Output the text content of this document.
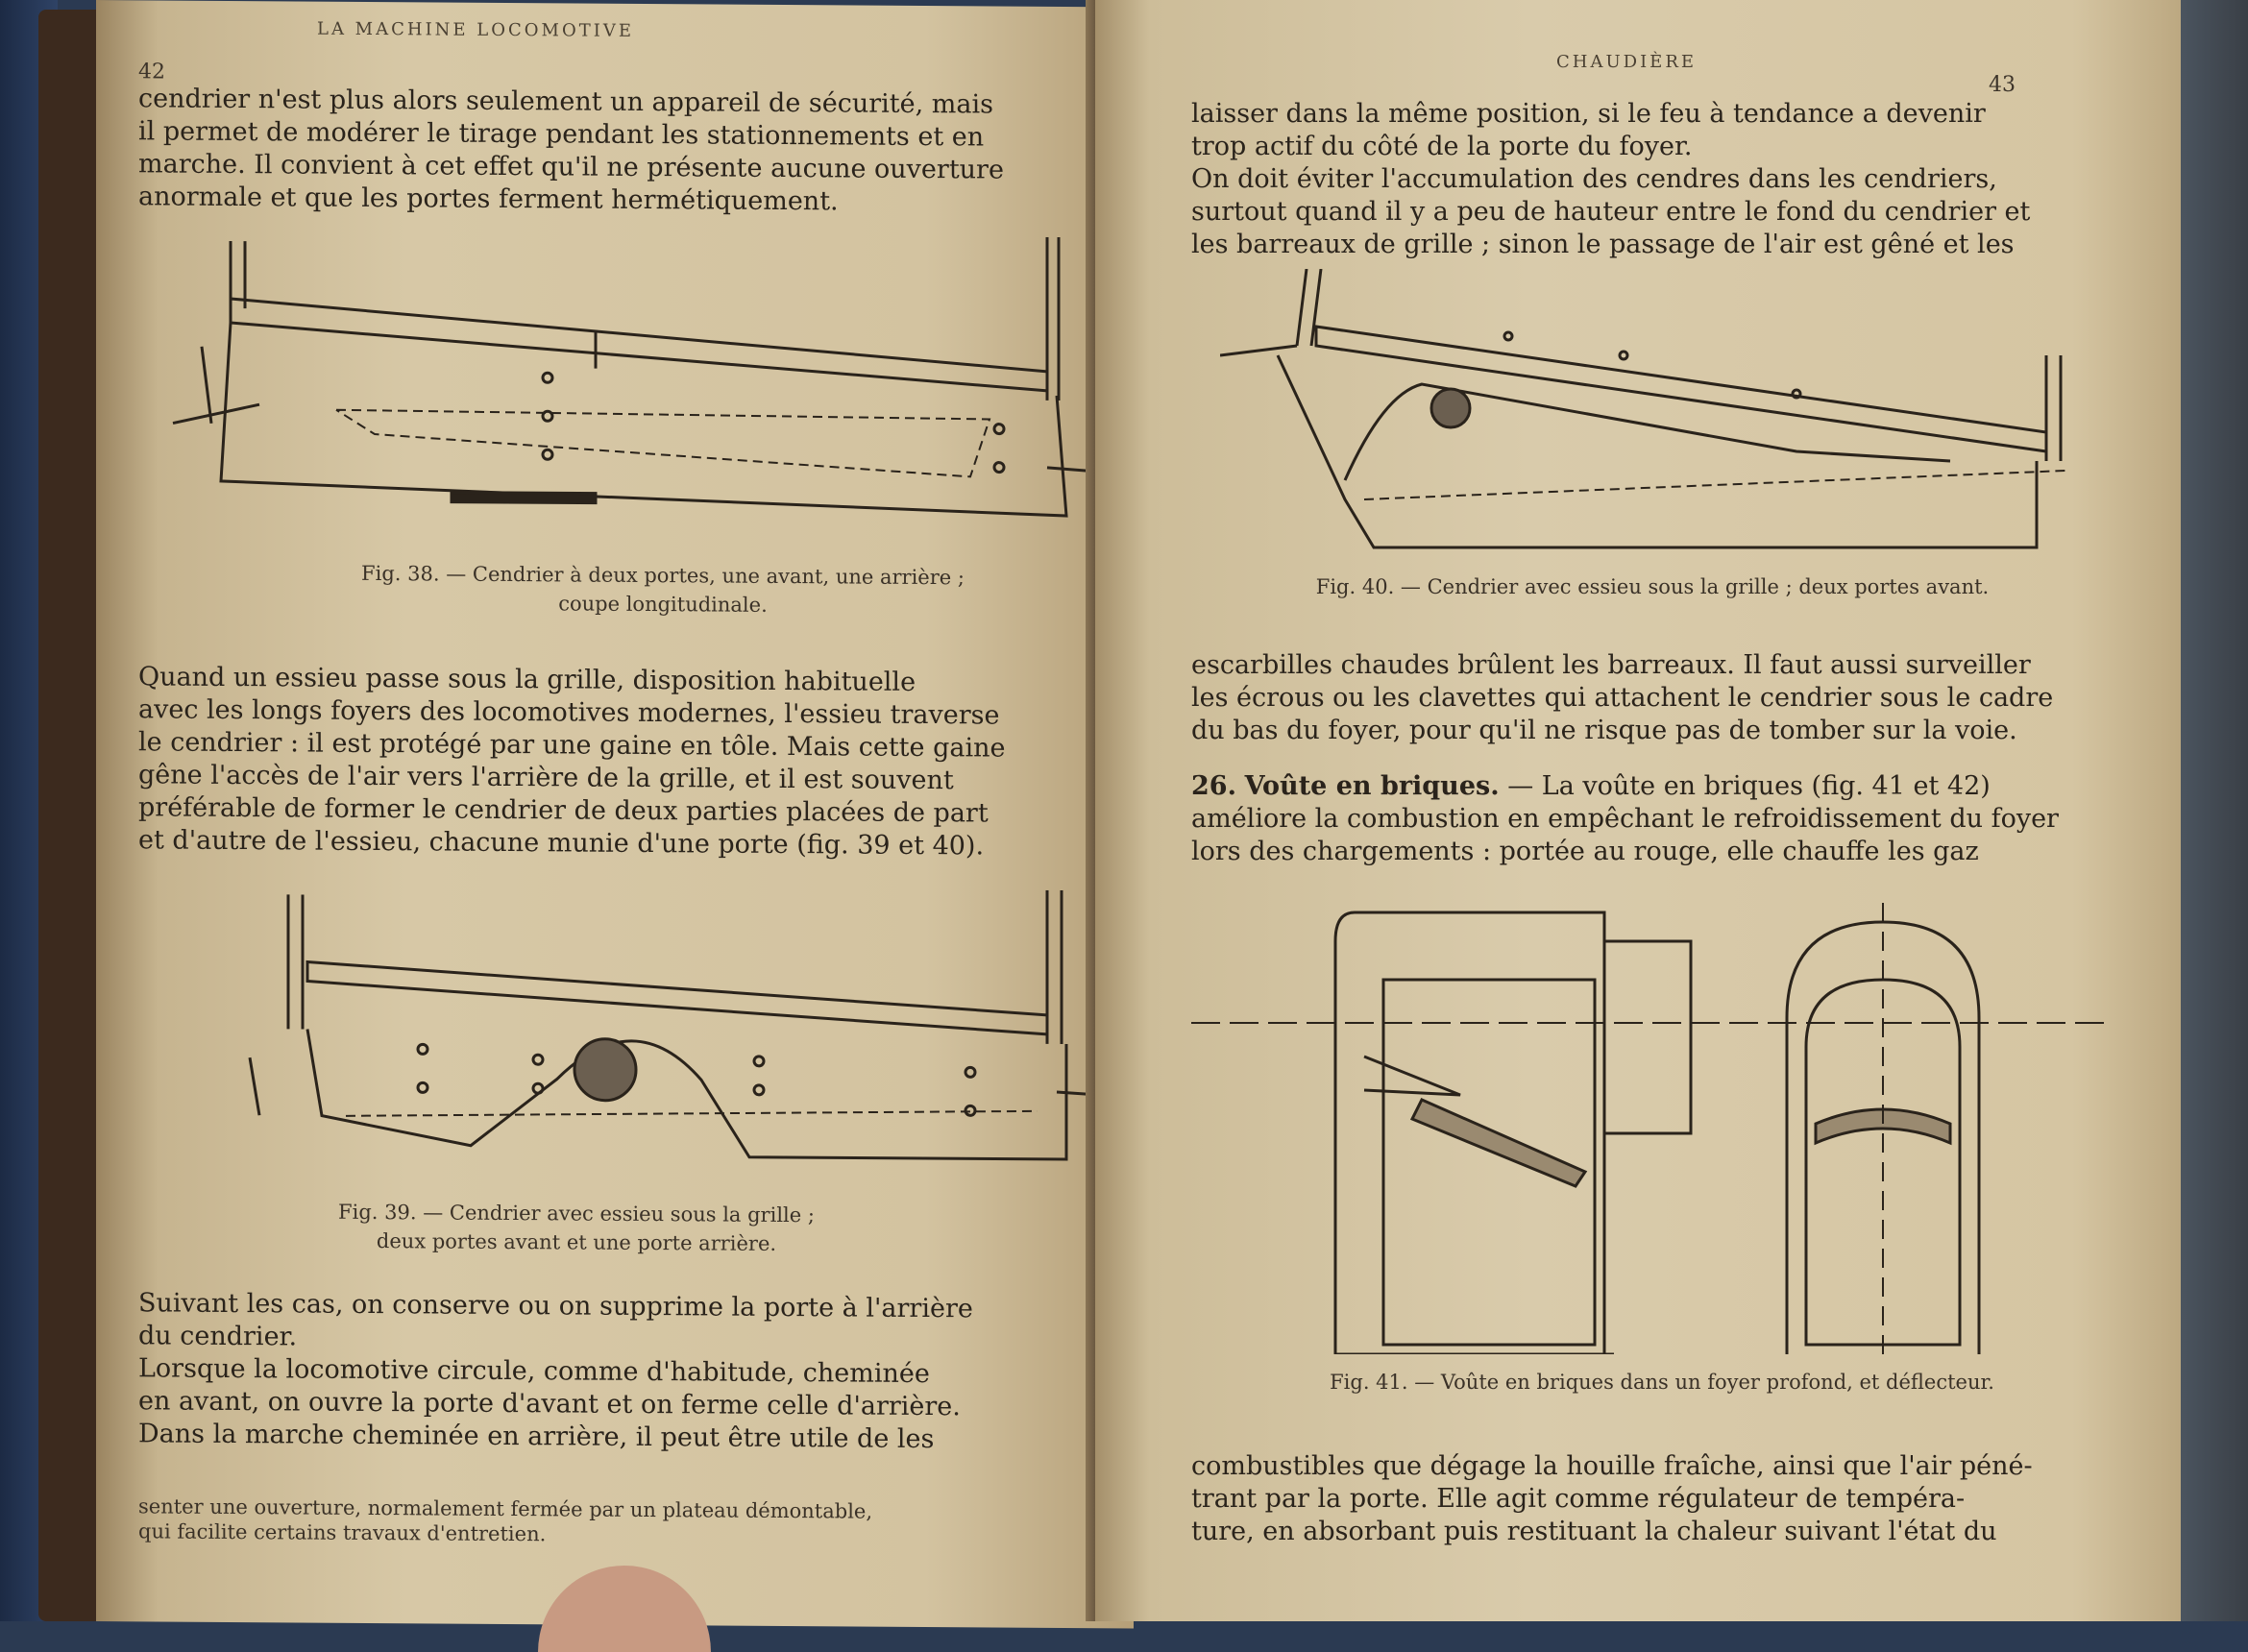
LA MACHINE LOCOMOTIVE
42
cendrier n'est plus alors seulement un appareil de sécurité, mais
il permet de modérer le tirage pendant les stationnements et en
marche. Il convient à cet effet qu'il ne présente aucune ouverture
anormale et que les portes ferment hermétiquement.
Fig. 38. — Cendrier à deux portes, une avant, une arrière ;
coupe longitudinale.
Quand un essieu passe sous la grille, disposition habituelle
avec les longs foyers des locomotives modernes, l'essieu traverse
le cendrier : il est protégé par une gaine en tôle. Mais cette gaine
gêne l'accès de l'air vers l'arrière de la grille, et il est souvent
préférable de former le cendrier de deux parties placées de part
et d'autre de l'essieu, chacune munie d'une porte (fig. 39 et 40).
Fig. 39. — Cendrier avec essieu sous la grille ;
deux portes avant et une porte arrière.
Suivant les cas, on conserve ou on supprime la porte à l'arrière
du cendrier.
Lorsque la locomotive circule, comme d'habitude, cheminée
en avant, on ouvre la porte d'avant et on ferme celle d'arrière.
Dans la marche cheminée en arrière, il peut être utile de les
senter une ouverture, normalement fermée par un plateau démontable,
qui facilite certains travaux d'entretien.
CHAUDIÈRE
43
laisser dans la même position, si le feu à tendance a devenir
trop actif du côté de la porte du foyer.
On doit éviter l'accumulation des cendres dans les cendriers,
surtout quand il y a peu de hauteur entre le fond du cendrier et
les barreaux de grille ; sinon le passage de l'air est gêné et les
Fig. 40. — Cendrier avec essieu sous la grille ; deux portes avant.
escarbilles chaudes brûlent les barreaux. Il faut aussi surveiller
les écrous ou les clavettes qui attachent le cendrier sous le cadre
du bas du foyer, pour qu'il ne risque pas de tomber sur la voie.
26. Voûte en briques. — La voûte en briques (fig. 41 et 42)
améliore la combustion en empêchant le refroidissement du foyer
lors des chargements : portée au rouge, elle chauffe les gaz
Fig. 41. — Voûte en briques dans un foyer profond, et déflecteur.
combustibles que dégage la houille fraîche, ainsi que l'air péné-
trant par la porte. Elle agit comme régulateur de tempéra-
ture, en absorbant puis restituant la chaleur suivant l'état du
